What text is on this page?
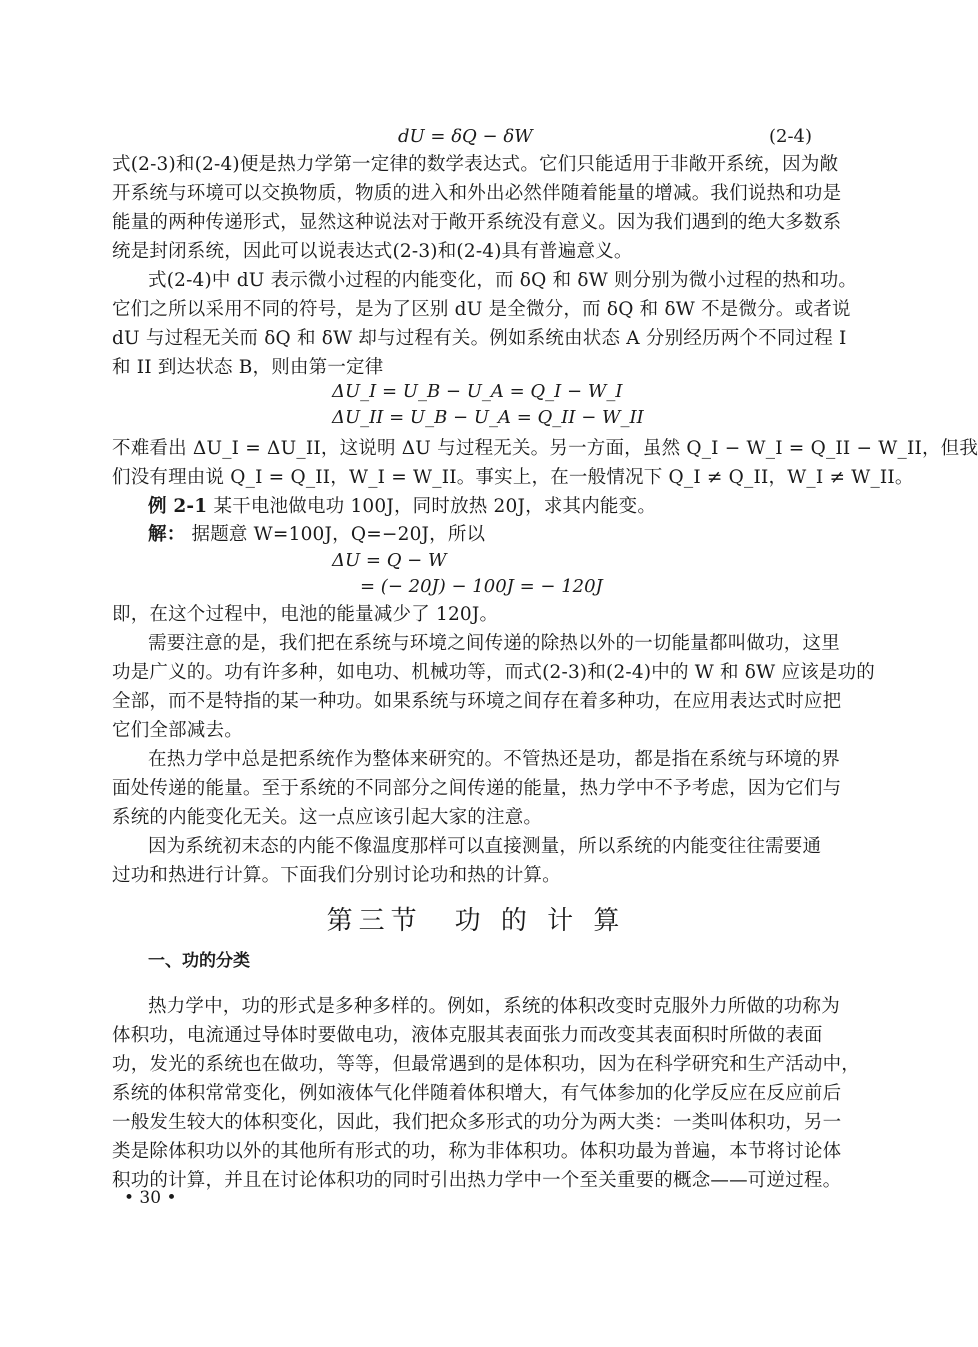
dU = δQ − δW	(2-4)
式(2-3)和(2-4)便是热力学第一定律的数学表达式。它们只能适用于非敞开系统，因为敞
开系统与环境可以交换物质，物质的进入和外出必然伴随着能量的增减。我们说热和功是
能量的两种传递形式，显然这种说法对于敞开系统没有意义。因为我们遇到的绝大多数系
统是封闭系统，因此可以说表达式(2-3)和(2-4)具有普遍意义。
式(2-4)中 dU 表示微小过程的内能变化，而 δQ 和 δW 则分别为微小过程的热和功。
它们之所以采用不同的符号，是为了区别 dU 是全微分，而 δQ 和 δW 不是微分。或者说
dU 与过程无关而 δQ 和 δW 却与过程有关。例如系统由状态 A 分别经历两个不同过程 I
和 II 到达状态 B，则由第一定律
ΔU_I = U_B − U_A = Q_I − W_I
ΔU_II = U_B − U_A = Q_II − W_II
不难看出 ΔU_I = ΔU_II，这说明 ΔU 与过程无关。另一方面，虽然 Q_I − W_I = Q_II − W_II，但我
们没有理由说 Q_I = Q_II，W_I = W_II。事实上，在一般情况下 Q_I ≠ Q_II，W_I ≠ W_II。
例 2-1 某干电池做电功 100J，同时放热 20J，求其内能变。
解： 据题意 W=100J，Q=−20J，所以
ΔU = Q − W
= (− 20J) − 100J = − 120J
即，在这个过程中，电池的能量减少了 120J。
需要注意的是，我们把在系统与环境之间传递的除热以外的一切能量都叫做功，这里
功是广义的。功有许多种，如电功、机械功等，而式(2-3)和(2-4)中的 W 和 δW 应该是功的
全部，而不是特指的某一种功。如果系统与环境之间存在着多种功，在应用表达式时应把
它们全部减去。
在热力学中总是把系统作为整体来研究的。不管热还是功，都是指在系统与环境的界
面处传递的能量。至于系统的不同部分之间传递的能量，热力学中不予考虑，因为它们与
系统的内能变化无关。这一点应该引起大家的注意。
因为系统初末态的内能不像温度那样可以直接测量，所以系统的内能变往往需要通
过功和热进行计算。下面我们分别讨论功和热的计算。
第三节　功 的 计 算
一、功的分类
热力学中，功的形式是多种多样的。例如，系统的体积改变时克服外力所做的功称为
体积功，电流通过导体时要做电功，液体克服其表面张力而改变其表面积时所做的表面
功，发光的系统也在做功，等等，但最常遇到的是体积功，因为在科学研究和生产活动中，
系统的体积常常变化，例如液体气化伴随着体积增大，有气体参加的化学反应在反应前后
一般发生较大的体积变化，因此，我们把众多形式的功分为两大类：一类叫体积功，另一
类是除体积功以外的其他所有形式的功，称为非体积功。体积功最为普遍，本节将讨论体
积功的计算，并且在讨论体积功的同时引出热力学中一个至关重要的概念——可逆过程。
• 30 •
